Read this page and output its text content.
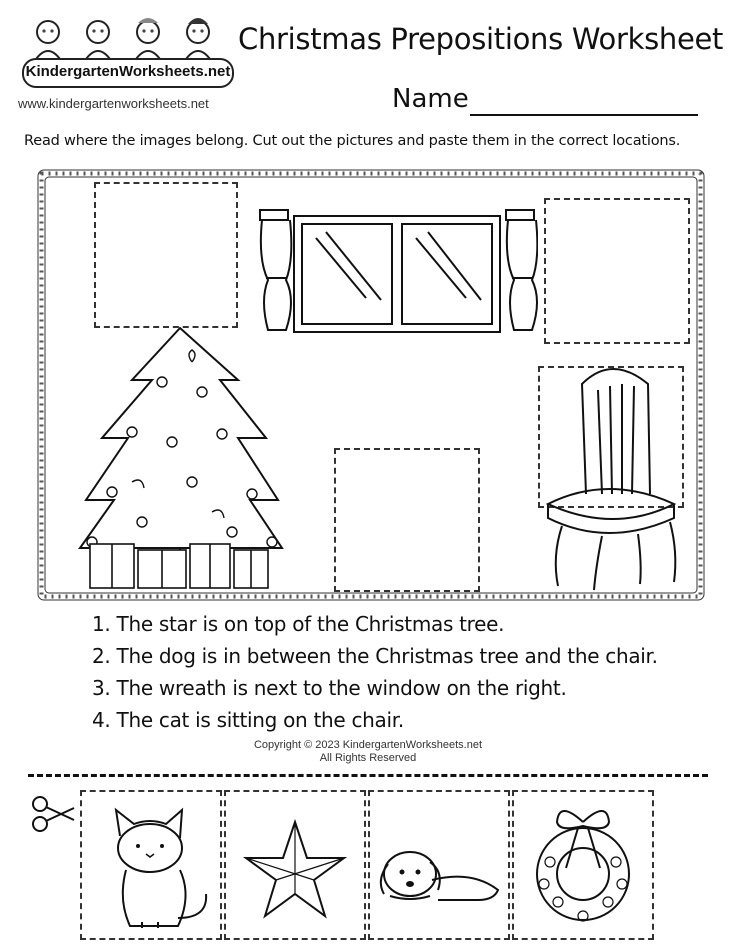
KindergartenWorksheets.net
www.kindergartenworksheets.net
Christmas Prepositions Worksheet
Name
Read where the images belong. Cut out the pictures and paste them in the correct locations.
1. The star is on top of the Christmas tree.
2. The dog is in between the Christmas tree and the chair.
3. The wreath is next to the window on the right.
4. The cat is sitting on the chair.
Copyright © 2023 KindergartenWorksheets.net
All Rights Reserved
